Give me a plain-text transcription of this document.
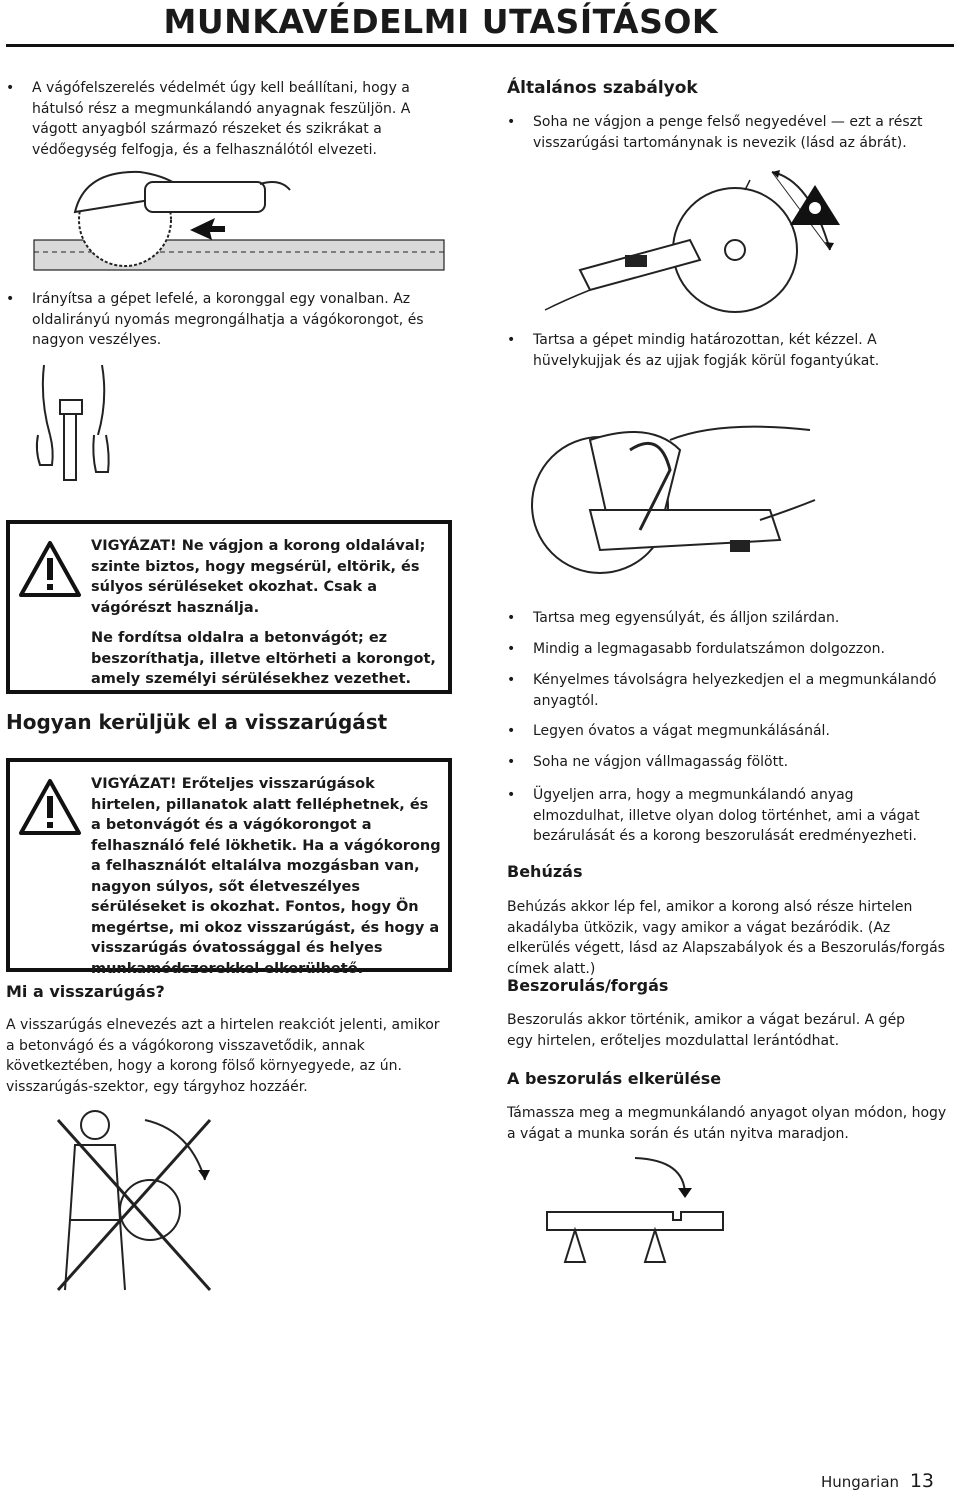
MUNKAVÉDELMI UTASÍTÁSOK
• A vágófelszerelés védelmét úgy kell beállítani, hogy a hátulsó rész a megmunkálandó anyagnak feszüljön. A vágott anyagból származó részeket és szikrákat a védőegység felfogja, és a felhasználótól elvezeti.
• Irányítsa a gépet lefelé, a koronggal egy vonalban. Az oldalirányú nyomás megrongálhatja a vágókorongot, és nagyon veszélyes.
Általános szabályok
• Soha ne vágjon a penge felső negyedével — ezt a részt visszarúgási tartománynak is nevezik (lásd az ábrát).
• Tartsa a gépet mindig határozottan, két kézzel. A hüvelykujjak és az ujjak fogják körül fogantyúkat.

VIGYÁZAT! Ne vágjon a korong oldalával; szinte biztos, hogy megsérül, eltörik, és súlyos sérüléseket okozhat. Csak a vágórészt használja.

Ne fordítsa oldalra a betonvágót; ez beszoríthatja, illetve eltörheti a korongot, amely személyi sérülésekhez vezethet.

Hogyan kerüljük el a visszarúgást

VIGYÁZAT! Erőteljes visszarúgások hirtelen, pillanatok alatt felléphetnek, és a betonvágót és a vágókorongot a felhasználó felé lökhetik. Ha a vágókorong a felhasználót eltalálva mozgásban van, nagyon súlyos, sőt életveszélyes sérüléseket is okozhat. Fontos, hogy Ön megértse, mi okoz visszarúgást, és hogy a visszarúgás óvatossággal és helyes munkamódszerekkel elkerülhető.

Mi a visszarúgás?
A visszarúgás elnevezés azt a hirtelen reakciót jelenti, amikor a betonvágó és a vágókorong visszavetődik, annak következtében, hogy a korong fölső környegyede, az ún. visszarúgás-szektor, egy tárgyhoz hozzáér.
• Tartsa meg egyensúlyát, és álljon szilárdan.
• Mindig a legmagasabb fordulatszámon dolgozzon.
• Kényelmes távolságra helyezkedjen el a megmunkálandó anyagtól.
• Legyen óvatos a vágat megmunkálásánál.
• Soha ne vágjon vállmagasság fölött.
• Ügyeljen arra, hogy a megmunkálandó anyag elmozdulhat, illetve olyan dolog történhet, ami a vágat bezárulását és a korong beszorulását eredményezheti.
Behúzás
Behúzás akkor lép fel, amikor a korong alsó része hirtelen akadályba ütközik, vagy amikor a vágat bezáródik. (Az elkerülés végett, lásd az Alapszabályok és a Beszorulás/forgás címek alatt.)
Beszorulás/forgás
Beszorulás akkor történik, amikor a vágat bezárul. A gép egy hirtelen, erőteljes mozdulattal lerántódhat.
A beszorulás elkerülése
Támassza meg a megmunkálandó anyagot olyan módon, hogy a vágat a munka során és után nyitva maradjon.
Hungarian 13
